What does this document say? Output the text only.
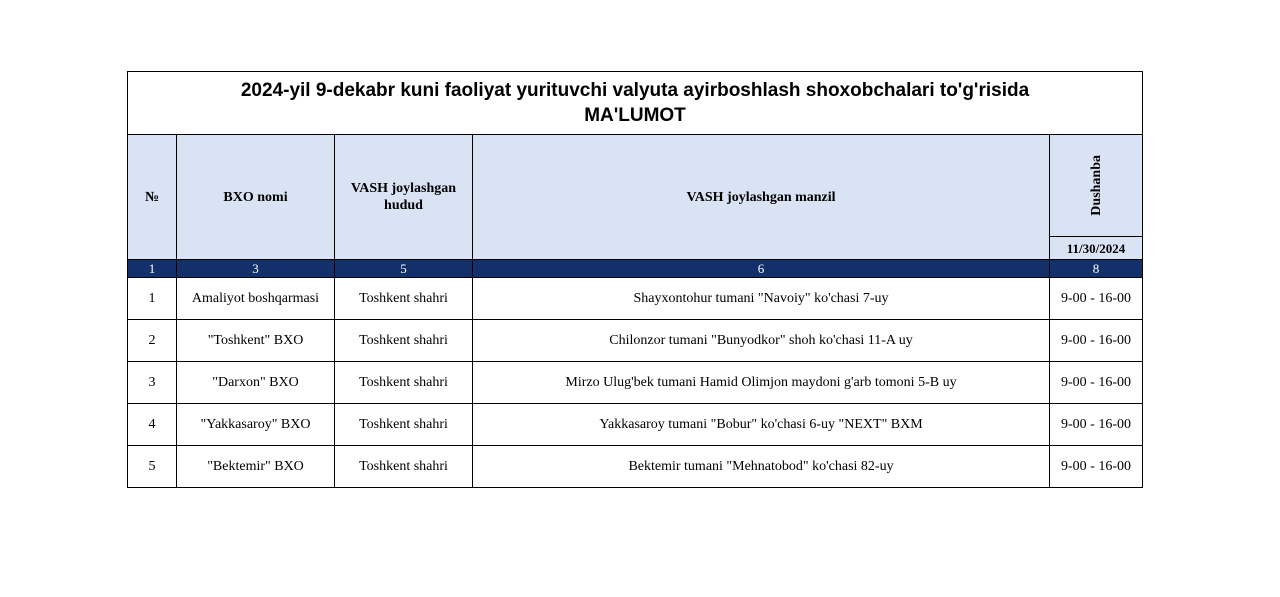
2024-yil 9-dekabr kuni faoliyat yurituvchi valyuta ayirboshlash shoxobchalari to'g'risida
MA'LUMOT				

№	BXO nomi	VASH joylashgan hudud	VASH joylashgan manzil	Dushanba

				11/30/2024
1	3	5	6	8
1	Amaliyot boshqarmasi	Toshkent shahri	Shayxontohur tumani "Navoiy" ko'chasi 7-uy	9-00 - 16-00
2	"Toshkent" BXO	Toshkent shahri	Chilonzor tumani "Bunyodkor" shoh ko'chasi 11-A uy	9-00 - 16-00
3	"Darxon" BXO	Toshkent shahri	Mirzo Ulug'bek tumani Hamid Olimjon maydoni g'arb tomoni 5-B uy	9-00 - 16-00
4	"Yakkasaroy" BXO	Toshkent shahri	Yakkasaroy tumani "Bobur" ko'chasi 6-uy "NEXT" BXM	9-00 - 16-00
5	"Bektemir" BXO	Toshkent shahri	Bektemir tumani "Mehnatobod" ko'chasi 82-uy	9-00 - 16-00
